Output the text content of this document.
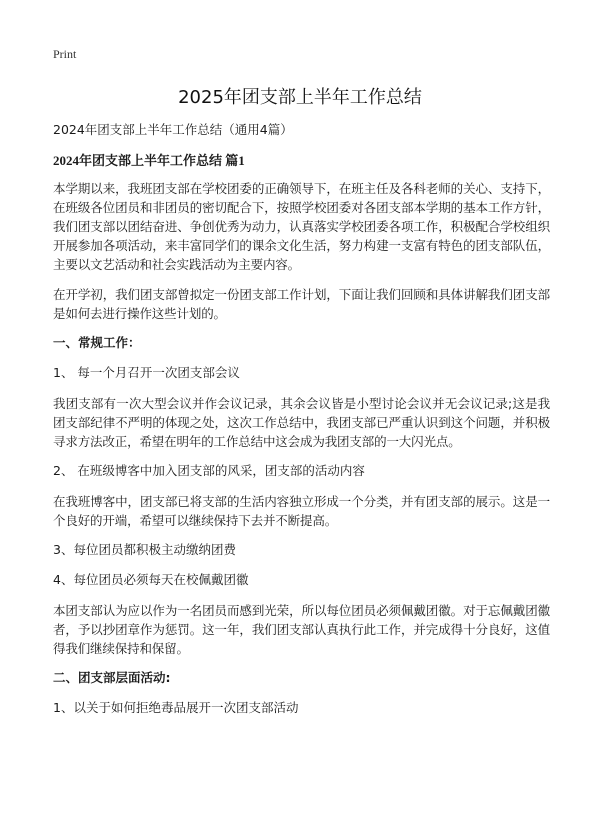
Print
2025年团支部上半年工作总结

2024年团支部上半年工作总结（通用4篇）

2024年团支部上半年工作总结 篇1

本学期以来，我班团支部在学校团委的正确领导下，在班主任及各科老师的关心、支持下，在班级各位团员和非团员的密切配合下，按照学校团委对各团支部本学期的基本工作方针，我们团支部以团结奋进、争创优秀为动力，认真落实学校团委各项工作，积极配合学校组织开展参加各项活动，来丰富同学们的课余文化生活，努力构建一支富有特色的团支部队伍，主要以文艺活动和社会实践活动为主要内容。

在开学初，我们团支部曾拟定一份团支部工作计划，下面让我们回顾和具体讲解我们团支部是如何去进行操作这些计划的。

一、常规工作：

1、 每一个月召开一次团支部会议

我团支部有一次大型会议并作会议记录，其余会议皆是小型讨论会议并无会议记录;这是我团支部纪律不严明的体现之处，这次工作总结中，我团支部已严重认识到这个问题，并积极寻求方法改正，希望在明年的工作总结中这会成为我团支部的一大闪光点。

2、 在班级博客中加入团支部的风采，团支部的活动内容

在我班博客中，团支部已将支部的生活内容独立形成一个分类，并有团支部的展示。这是一个良好的开端，希望可以继续保持下去并不断提高。

3、每位团员都积极主动缴纳团费

4、每位团员必须每天在校佩戴团徽

本团支部认为应以作为一名团员而感到光荣，所以每位团员必须佩戴团徽。对于忘佩戴团徽者，予以抄团章作为惩罚。这一年，我们团支部认真执行此工作，并完成得十分良好，这值得我们继续保持和保留。

二、团支部层面活动:

1、以关于如何拒绝毒品展开一次团支部活动
